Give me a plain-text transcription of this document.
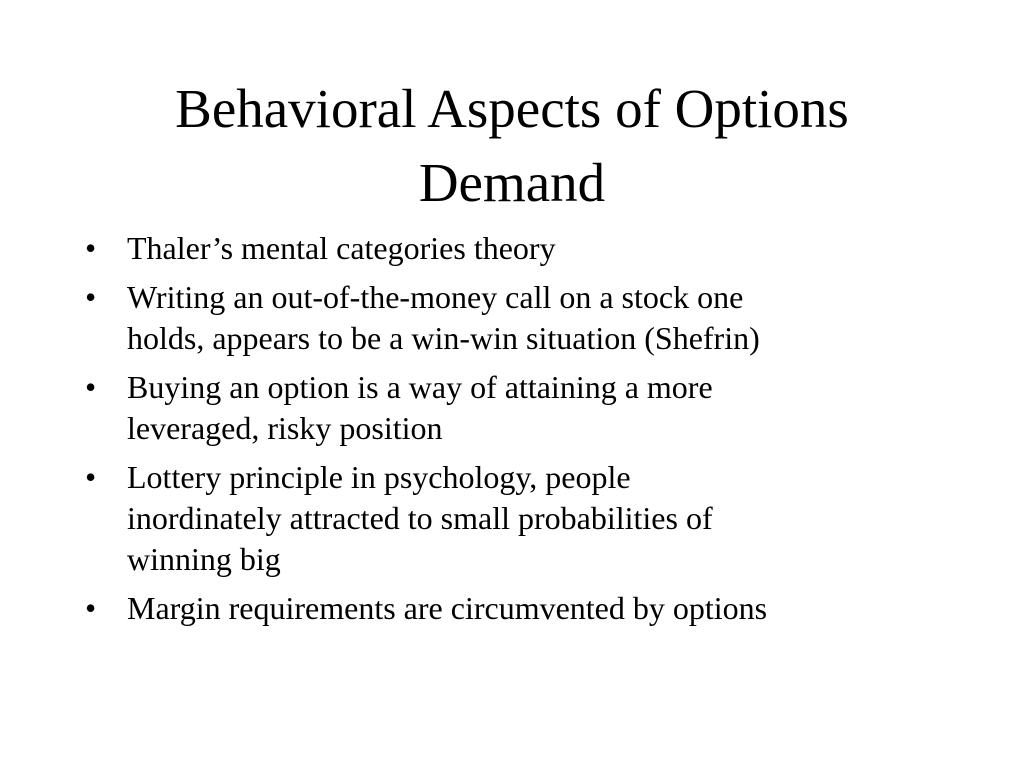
Behavioral Aspects of Options
Demand
• Thaler’s mental categories theory
• Writing an out-of-the-money call on a stock one
holds, appears to be a win-win situation (Shefrin)
• Buying an option is a way of attaining a more
leveraged, risky position
• Lottery principle in psychology, people
inordinately attracted to small probabilities of
winning big
• Margin requirements are circumvented by options
